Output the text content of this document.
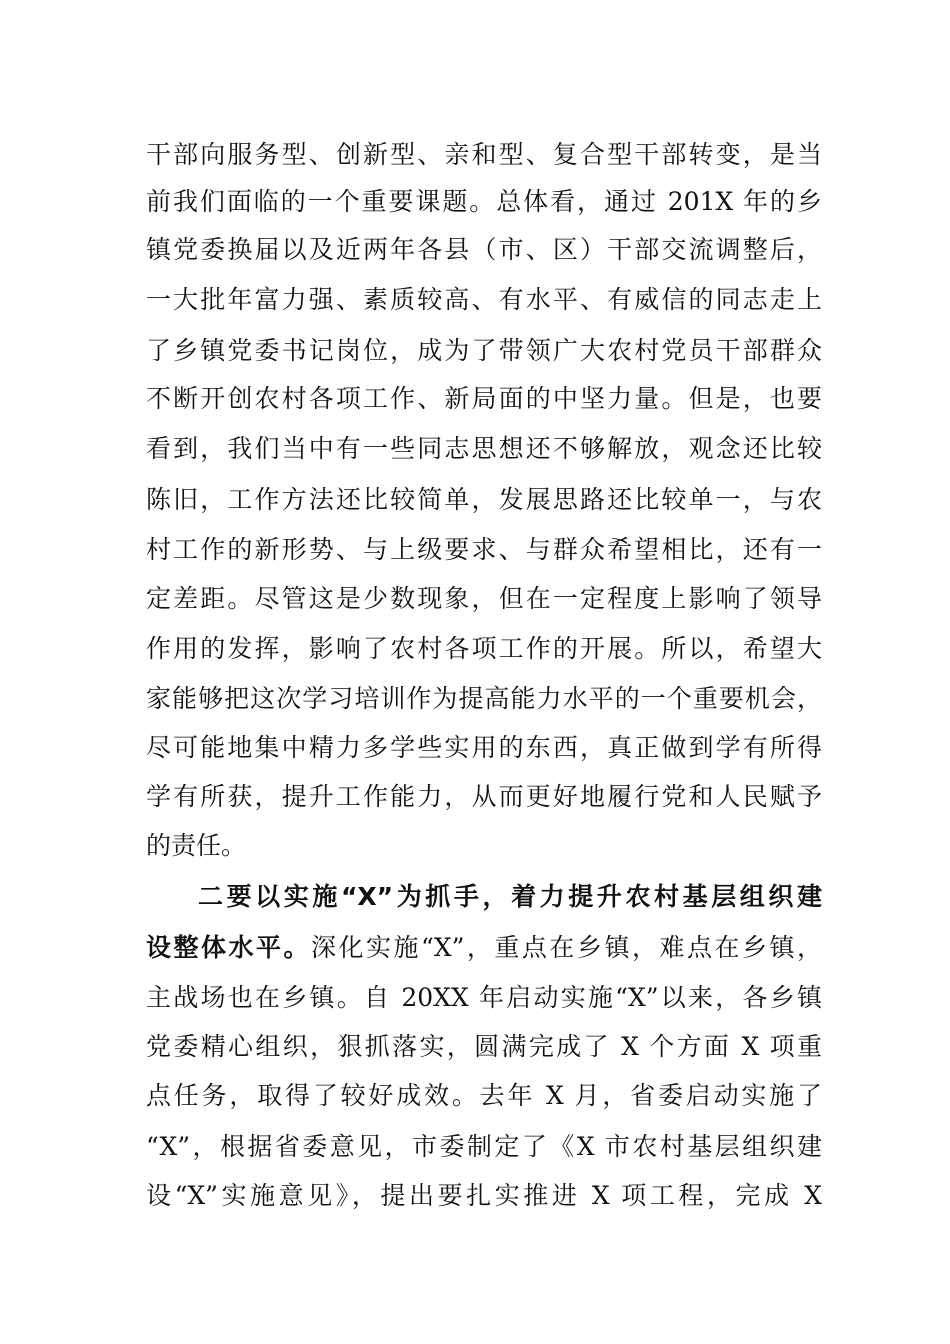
干部向服务型、创新型、亲和型、复合型干部转变，是当
前我们面临的一个重要课题。总体看，通过 201X 年的乡
镇党委换届以及近两年各县（市、区）干部交流调整后，
一大批年富力强、素质较高、有水平、有威信的同志走上
了乡镇党委书记岗位，成为了带领广大农村党员干部群众
不断开创农村各项工作、新局面的中坚力量。但是，也要
看到，我们当中有一些同志思想还不够解放，观念还比较
陈旧，工作方法还比较简单，发展思路还比较单一，与农
村工作的新形势、与上级要求、与群众希望相比，还有一
定差距。尽管这是少数现象，但在一定程度上影响了领导
作用的发挥，影响了农村各项工作的开展。所以，希望大
家能够把这次学习培训作为提高能力水平的一个重要机会，
尽可能地集中精力多学些实用的东西，真正做到学有所得
学有所获，提升工作能力，从而更好地履行党和人民赋予
的责任。
二要以实施“X”为抓手，着力提升农村基层组织建
设整体水平。深化实施“X”，重点在乡镇，难点在乡镇，
主战场也在乡镇。自 20XX 年启动实施“X”以来，各乡镇
党委精心组织，狠抓落实，圆满完成了 X 个方面 X 项重
点任务，取得了较好成效。去年 X 月，省委启动实施了
“X”，根据省委意见，市委制定了《X 市农村基层组织建
设“X”实施意见》，提出要扎实推进 X 项工程，完成 X
